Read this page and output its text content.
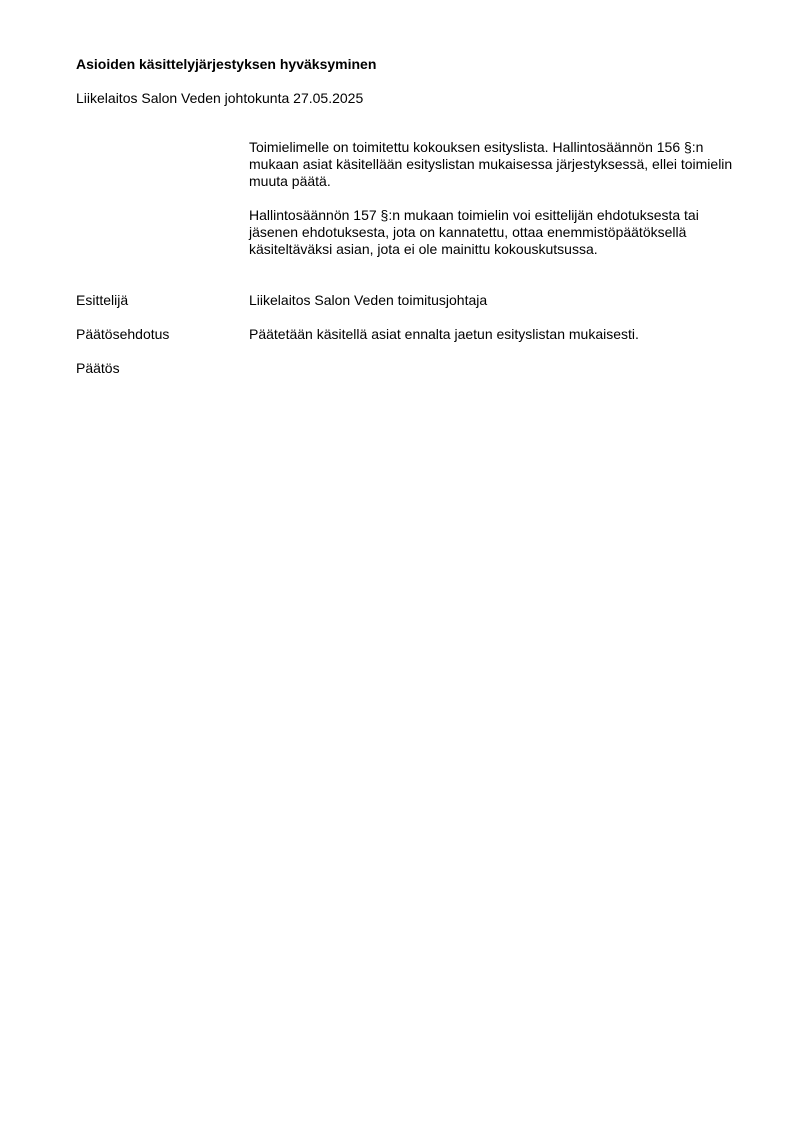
Asioiden käsittelyjärjestyksen hyväksyminen
Liikelaitos Salon Veden johtokunta 27.05.2025

Toimielimelle on toimitettu kokouksen esityslista. Hallintosäännön 156 §:n mukaan asiat käsitellään esityslistan mukaisessa järjestyksessä, ellei toimielin muuta päätä.

Hallintosäännön 157 §:n mukaan toimielin voi esittelijän ehdotuksesta tai jäsenen ehdotuksesta, jota on kannatettu, ottaa enemmistöpäätöksellä käsiteltäväksi asian, jota ei ole mainittu kokouskutsussa.

Esittelijä	Liikelaitos Salon Veden toimitusjohtaja
Päätösehdotus	Päätetään käsitellä asiat ennalta jaetun esityslistan mukaisesti.
Päätös
